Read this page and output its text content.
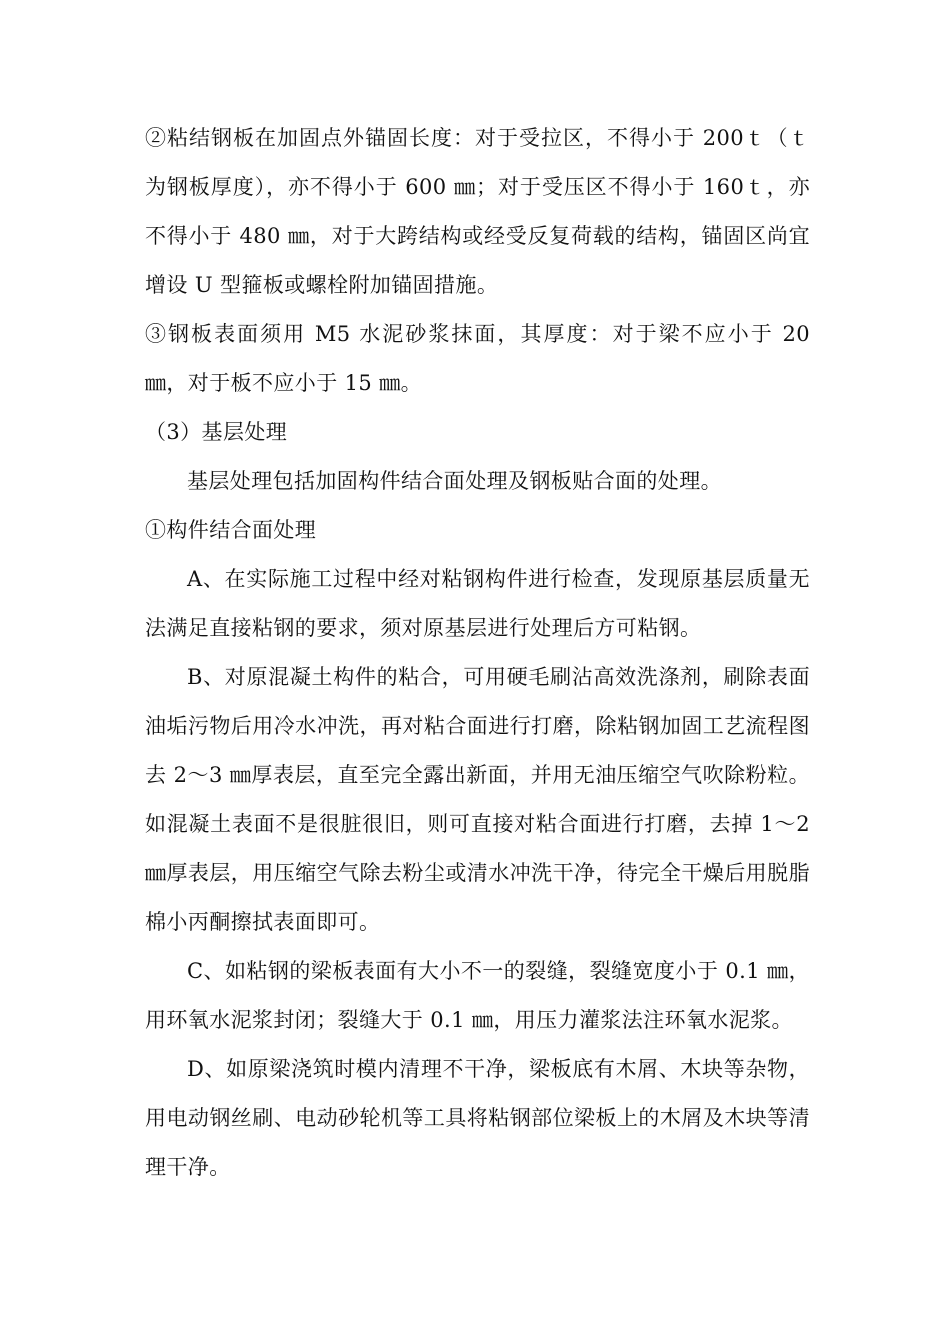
②粘结钢板在加固点外锚固长度：对于受拉区，不得小于 200ｔ（ｔ为钢板厚度），亦不得小于 600 ㎜；对于受压区不得小于 160ｔ，亦不得小于 480 ㎜，对于大跨结构或经受反复荷载的结构，锚固区尚宜增设 U 型箍板或螺栓附加锚固措施。

③钢板表面须用 M5 水泥砂浆抹面，其厚度：对于梁不应小于 20 ㎜，对于板不应小于 15 ㎜。

（3）基层处理

基层处理包括加固构件结合面处理及钢板贴合面的处理。

①构件结合面处理

A、在实际施工过程中经对粘钢构件进行检查，发现原基层质量无法满足直接粘钢的要求，须对原基层进行处理后方可粘钢。

B、对原混凝土构件的粘合，可用硬毛刷沾高效洗涤剂，刷除表面油垢污物后用冷水冲洗，再对粘合面进行打磨，除粘钢加固工艺流程图去 2～3 ㎜厚表层，直至完全露出新面，并用无油压缩空气吹除粉粒。如混凝土表面不是很脏很旧，则可直接对粘合面进行打磨，去掉 1～2 ㎜厚表层，用压缩空气除去粉尘或清水冲洗干净，待完全干燥后用脱脂棉小丙酮擦拭表面即可。

C、如粘钢的梁板表面有大小不一的裂缝，裂缝宽度小于 0.1 ㎜，用环氧水泥浆封闭；裂缝大于 0.1 ㎜，用压力灌浆法注环氧水泥浆。

D、如原梁浇筑时模内清理不干净，梁板底有木屑、木块等杂物，用电动钢丝刷、电动砂轮机等工具将粘钢部位梁板上的木屑及木块等清理干净。
